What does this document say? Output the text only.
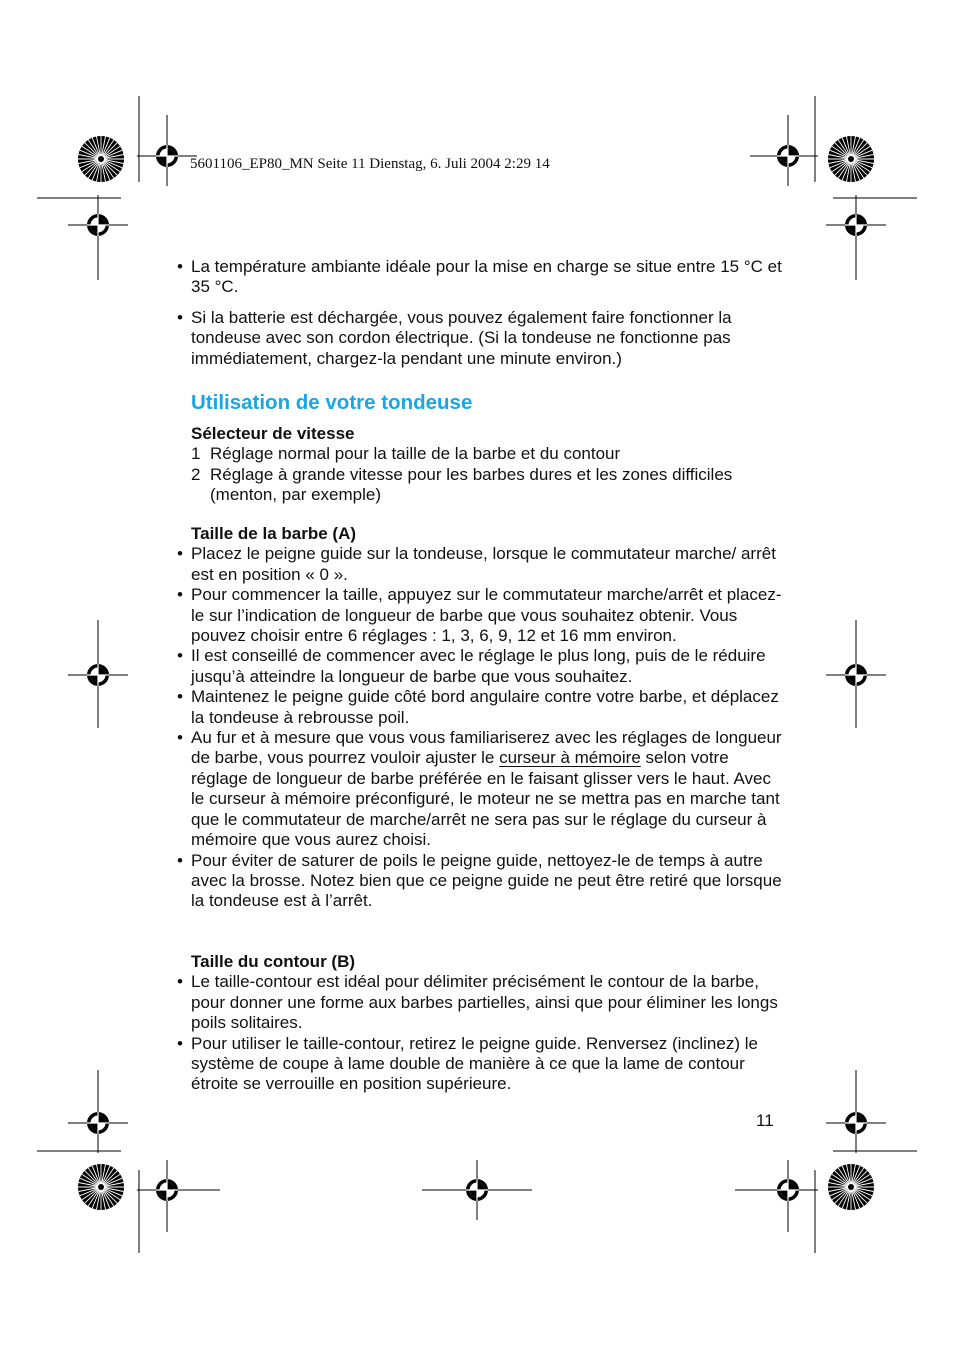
5601106_EP80_MN Seite 11 Dienstag, 6. Juli 2004 2:29 14
• La température ambiante idéale pour la mise en charge se situe entre 15 °C et 35 °C.
• Si la batterie est déchargée, vous pouvez également faire fonctionner la tondeuse avec son cordon électrique. (Si la tondeuse ne fonctionne pas immédiatement, chargez-la pendant une minute environ.)
Utilisation de votre tondeuse
Sélecteur de vitesse
1 Réglage normal pour la taille de la barbe et du contour
2 Réglage à grande vitesse pour les barbes dures et les zones difficiles (menton, par exemple)
Taille de la barbe (A)
• Placez le peigne guide sur la tondeuse, lorsque le commutateur marche/ arrêt est en position « 0 ».
• Pour commencer la taille, appuyez sur le commutateur marche/arrêt et placez-le sur l’indication de longueur de barbe que vous souhaitez obtenir. Vous pouvez choisir entre 6 réglages : 1, 3, 6, 9, 12 et 16 mm environ.
• Il est conseillé de commencer avec le réglage le plus long, puis de le réduire jusqu’à atteindre la longueur de barbe que vous souhaitez.
• Maintenez le peigne guide côté bord angulaire contre votre barbe, et déplacez la tondeuse à rebrousse poil.
• Au fur et à mesure que vous vous familiariserez avec les réglages de longueur de barbe, vous pourrez vouloir ajuster le curseur à mémoire selon votre réglage de longueur de barbe préférée en le faisant glisser vers le haut. Avec le curseur à mémoire préconfiguré, le moteur ne se mettra pas en marche tant que le commutateur de marche/arrêt ne sera pas sur le réglage du curseur à mémoire que vous aurez choisi.
• Pour éviter de saturer de poils le peigne guide, nettoyez-le de temps à autre avec la brosse. Notez bien que ce peigne guide ne peut être retiré que lorsque la tondeuse est à l’arrêt.
Taille du contour (B)
• Le taille-contour est idéal pour délimiter précisément le contour de la barbe, pour donner une forme aux barbes partielles, ainsi que pour éliminer les longs poils solitaires.
• Pour utiliser le taille-contour, retirez le peigne guide. Renversez (inclinez) le système de coupe à lame double de manière à ce que la lame de contour étroite se verrouille en position supérieure.
11
